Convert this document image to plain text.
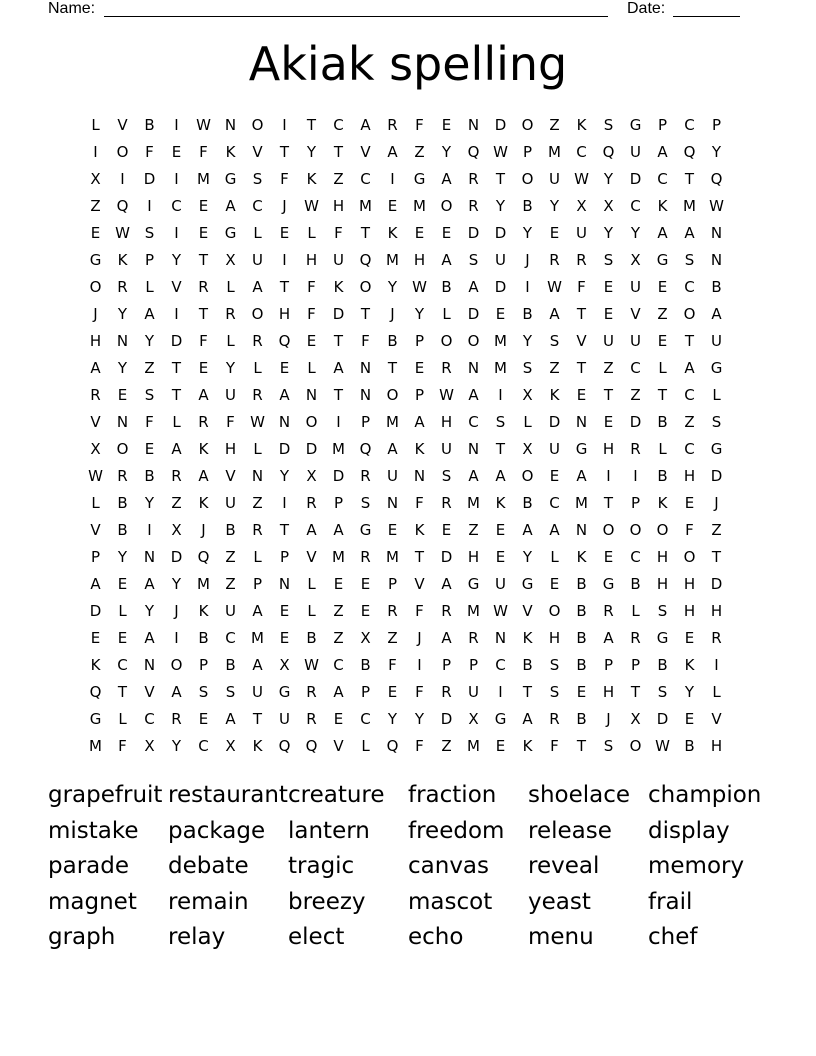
Name:	Date:
Akiak spelling
L	V	B	I	W N	O	I	T	C	A	R	F	E	N	D	O	Z	K	S	G	P	C	P
I	O	F	E	F	K	V	T	Y	T	V	A	Z	Y	Q W	P	M	C	Q	U	A	Q	Y
X	I	D	I	M G	S	F	K	Z	C	I	G	A	R	T	O	U W Y	D	C	T	Q
Z	Q	I	C	E	A	C	J	W H M	E	M O	R	Y	B	Y	X	X	C	K	M W
E W S	I	E	G	L	E	L	F	T	K	E	E	D	D	Y	E	U	Y	Y	A	A	N
G	K	P	Y	T	X	U	I	H	U	Q M H	A	S	U	J	R	R	S	X	G	S	N
O	R	L	V	R	L	A	T	F	K	O	Y	W B	A	D	I	W	F	E	U	E	C	B
J	Y	A	I	T	R	O	H	F	D	T	J	Y	L	D	E	B	A	T	E	V	Z	O	A
H	N	Y	D	F	L	R	Q	E	T	F	B	P	O	O M	Y	S	V	U	U	E	T	U
A	Y	Z	T	E	Y	L	E	L	A	N	T	E	R	N M	S	Z	T	Z	C	L	A	G
R	E	S	T	A	U	R	A	N	T	N	O	P	W A	I	X	K	E	T	Z	T	C	L
V	N	F	L	R	F	W N	O	I	P	M	A	H	C	S	L	D	N	E	D	B	Z	S
X	O	E	A	K	H	L	D	D M Q	A	K	U	N	T	X	U	G	H	R	L	C	G
W R	B	R	A	V	N	Y	X	D	R	U	N	S	A	A	O	E	A	I	I	B	H	D
L	B	Y	Z	K	U	Z	I	R	P	S	N	F	R	M	K	B	C	M	T	P	K	E	J
V	B	I	X	J	B	R	T	A	A	G	E	K	E	Z	E	A	A	N	O	O	O	F	Z
P	Y	N	D	Q	Z	L	P	V	M	R	M	T	D	H	E	Y	L	K	E	C	H	O	T
A	E	A	Y	M	Z	P	N	L	E	E	P	V	A	G	U	G	E	B	G	B	H	H	D
D	L	Y	J	K	U	A	E	L	Z	E	R	F	R	M W V	O	B	R	L	S	H	H
E	E	A	I	B	C	M	E	B	Z	X	Z	J	A	R	N	K	H	B	A	R	G	E	R
K	C	N	O	P	B	A	X W C	B	F	I	P	P	C	B	S	B	P	P	B	K	I
Q	T	V	A	S	S	U	G	R	A	P	E	F	R	U	I	T	S	E	H	T	S	Y	L
G	L	C	R	E	A	T	U	R	E	C	Y	Y	D	X	G	A	R	B	J	X	D	E	V
M	F	X	Y	C	X	K	Q	Q	V	L	Q	F	Z	M	E	K	F	T	S	O W B	H
grapefruit restaurant creature	fraction	shoelace champion
mistake	package lantern	freedom	release	display
parade	debate	tragic	canvas	reveal	memory
magnet	remain	breezy	mascot	yeast	frail
graph	relay	elect	echo	menu	chef
